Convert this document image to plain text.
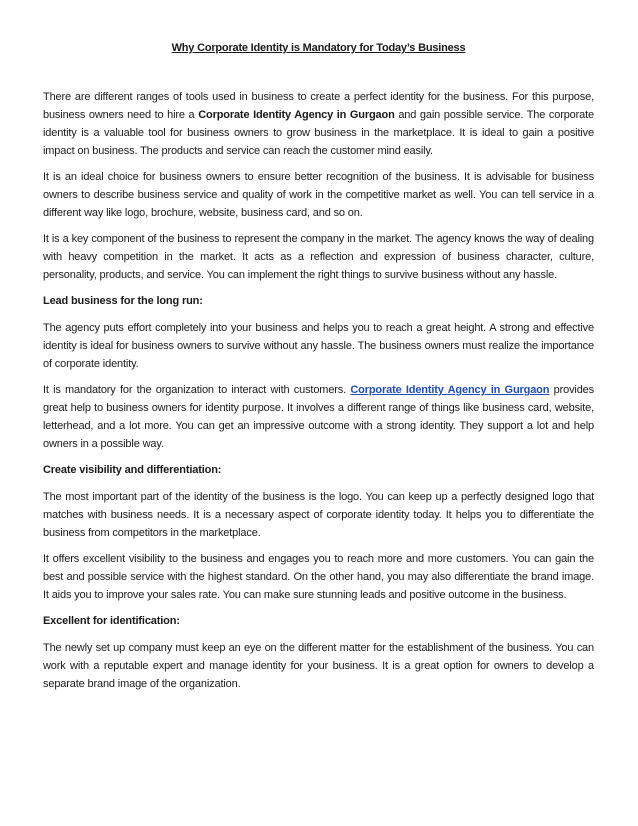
Why Corporate Identity is Mandatory for Today’s Business

There are different ranges of tools used in business to create a perfect identity for the business. For this purpose, business owners need to hire a Corporate Identity Agency in Gurgaon and gain possible service. The corporate identity is a valuable tool for business owners to grow business in the marketplace. It is ideal to gain a positive impact on business. The products and service can reach the customer mind easily.

It is an ideal choice for business owners to ensure better recognition of the business. It is advisable for business owners to describe business service and quality of work in the competitive market as well. You can tell service in a different way like logo, brochure, website, business card, and so on.

It is a key component of the business to represent the company in the market. The agency knows the way of dealing with heavy competition in the market. It acts as a reflection and expression of business character, culture, personality, products, and service. You can implement the right things to survive business without any hassle.

Lead business for the long run:

The agency puts effort completely into your business and helps you to reach a great height. A strong and effective identity is ideal for business owners to survive without any hassle. The business owners must realize the importance of corporate identity.

It is mandatory for the organization to interact with customers. Corporate Identity Agency in Gurgaon provides great help to business owners for identity purpose. It involves a different range of things like business card, website, letterhead, and a lot more. You can get an impressive outcome with a strong identity. They support a lot and help owners in a possible way.

Create visibility and differentiation:

The most important part of the identity of the business is the logo. You can keep up a perfectly designed logo that matches with business needs. It is a necessary aspect of corporate identity today. It helps you to differentiate the business from competitors in the marketplace.

It offers excellent visibility to the business and engages you to reach more and more customers. You can gain the best and possible service with the highest standard. On the other hand, you may also differentiate the brand image. It aids you to improve your sales rate. You can make sure stunning leads and positive outcome in the business.

Excellent for identification:

The newly set up company must keep an eye on the different matter for the establishment of the business. You can work with a reputable expert and manage identity for your business. It is a great option for owners to develop a separate brand image of the organization.
